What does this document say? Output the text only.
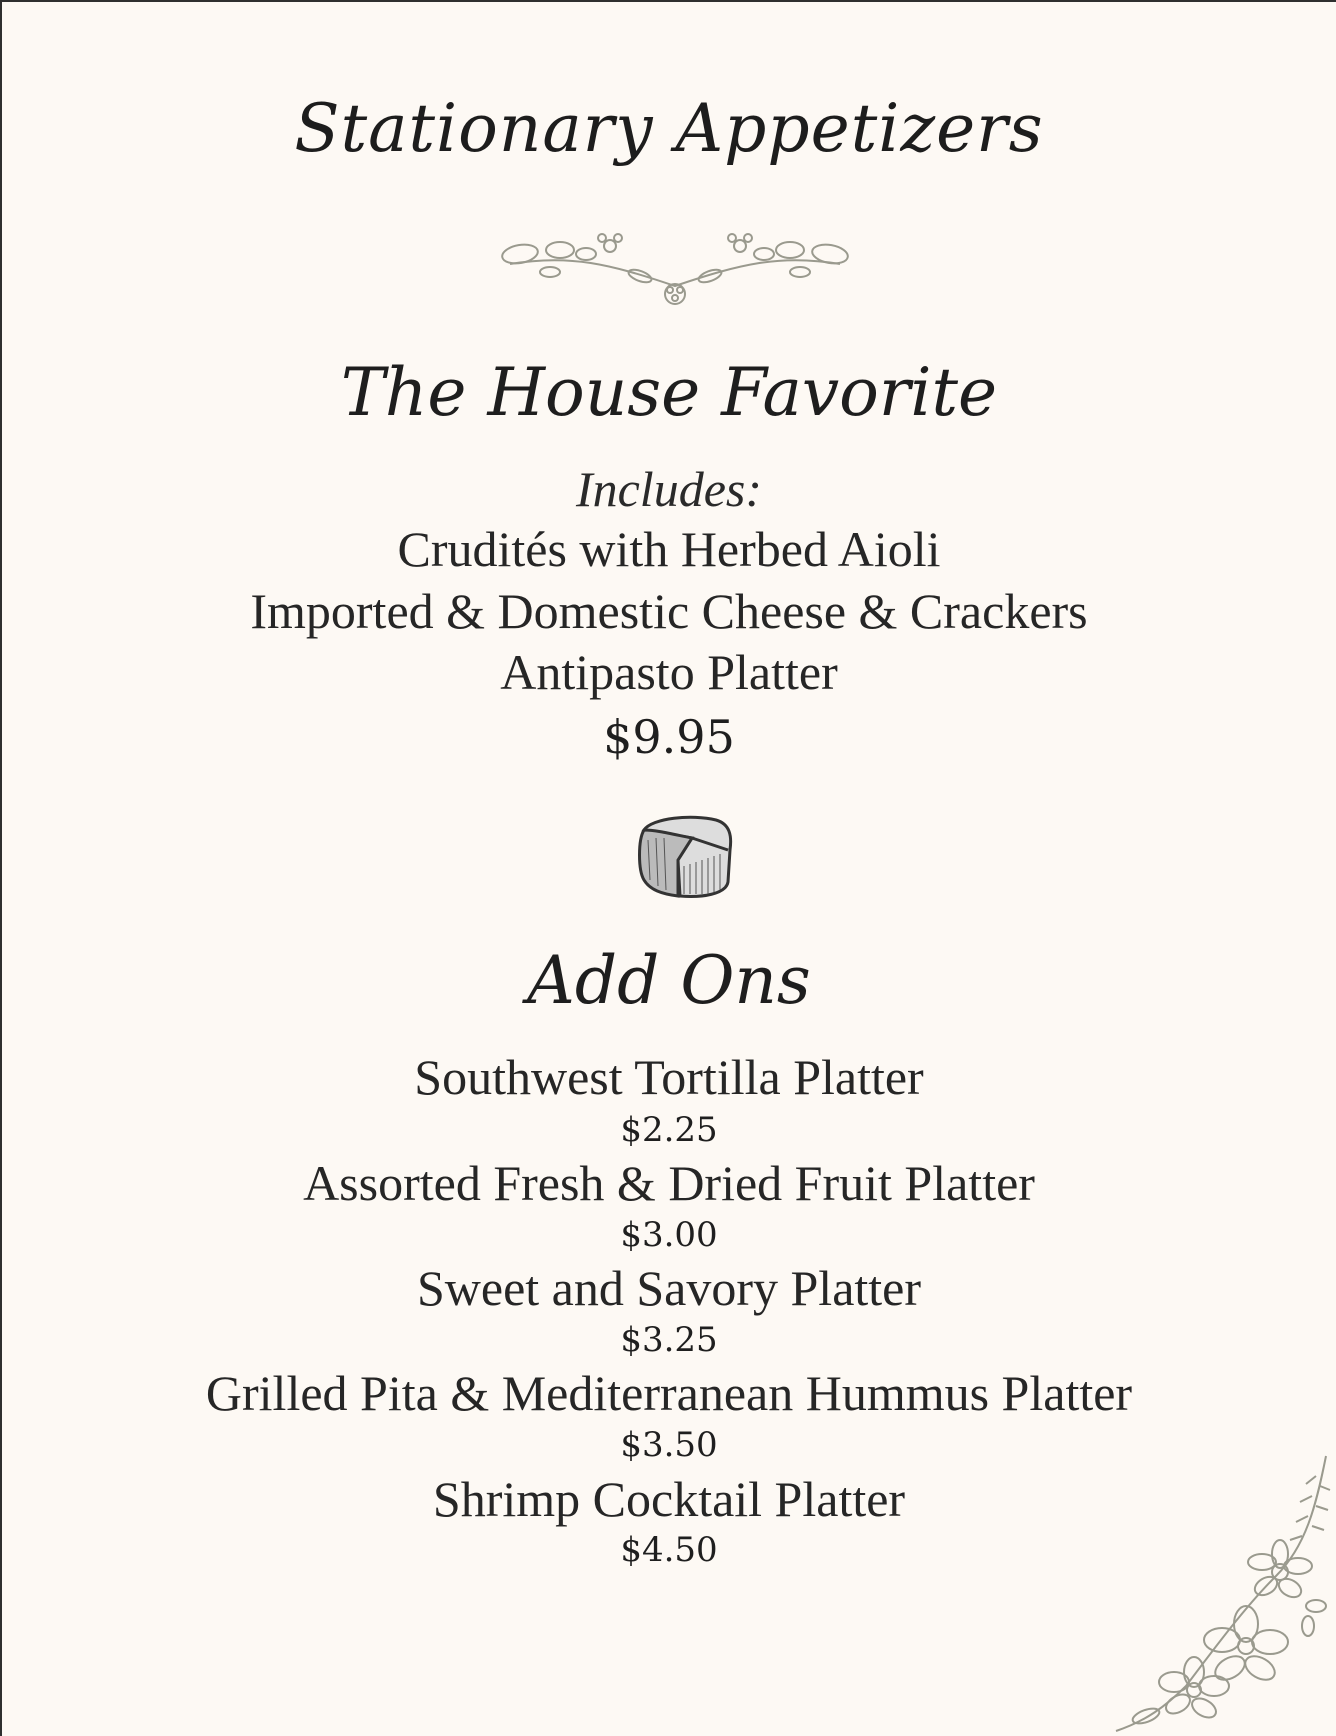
Stationary Appetizers
The House Favorite
Includes:
Crudités with Herbed Aioli
Imported & Domestic Cheese & Crackers
Antipasto Platter
$9.95
Add Ons
Southwest Tortilla Platter
$2.25
Assorted Fresh & Dried Fruit Platter
$3.00
Sweet and Savory Platter
$3.25
Grilled Pita & Mediterranean Hummus Platter
$3.50
Shrimp Cocktail Platter
$4.50
